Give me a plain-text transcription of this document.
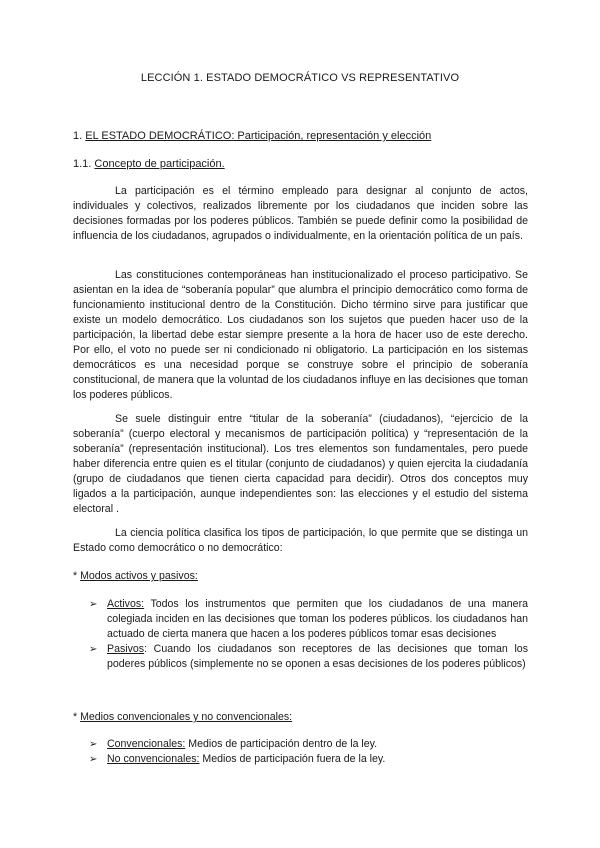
LECCIÓN 1. ESTADO DEMOCRÁTICO VS REPRESENTATIVO
1. EL ESTADO DEMOCRÁTICO: Participación, representación y elección
1.1. Concepto de participación.

La participación es el término empleado para designar al conjunto de actos, individuales y colectivos, realizados libremente por los ciudadanos que inciden sobre las decisiones formadas por los poderes públicos. También se puede definir como la posibilidad de influencia de los ciudadanos, agrupados o individualmente, en la orientación política de un país.

Las constituciones contemporáneas han institucionalizado el proceso participativo. Se asientan en la idea de “soberanía popular” que alumbra el principio democrático como forma de funcionamiento institucional dentro de la Constitución. Dicho término sirve para justificar que existe un modelo democrático. Los ciudadanos son los sujetos que pueden hacer uso de la participación, la libertad debe estar siempre presente a la hora de hacer uso de este derecho. Por ello, el voto no puede ser ni condicionado ni obligatorio. La participación en los sistemas democráticos es una necesidad porque se construye sobre el principio de soberanía constitucional, de manera que la voluntad de los ciudadanos influye en las decisiones que toman los poderes públicos.

Se suele distinguir entre “titular de la soberanía” (ciudadanos), “ejercicio de la soberanía” (cuerpo electoral y mecanismos de participación política) y “representación de la soberanía” (representación institucional). Los tres elementos son fundamentales, pero puede haber diferencia entre quien es el titular (conjunto de ciudadanos) y quien ejercita la ciudadanía (grupo de ciudadanos que tienen cierta capacidad para decidir). Otros dos conceptos muy ligados a la participación, aunque independientes son: las elecciones y el estudio del sistema electoral .

La ciencia política clasifica los tipos de participación, lo que permite que se distinga un Estado como democrático o no democrático:

* Modos activos y pasivos:
➢ Activos: Todos los instrumentos que permiten que los ciudadanos de una manera colegiada inciden en las decisiones que toman los poderes públicos. los ciudadanos han actuado de cierta manera que hacen a los poderes públicos tomar esas decisiones
➢ Pasivos: Cuando los ciudadanos son receptores de las decisiones que toman los poderes públicos (simplemente no se oponen a esas decisiones de los poderes públicos)
* Medios convencionales y no convencionales:
➢ Convencionales: Medios de participación dentro de la ley.
➢ No convencionales: Medios de participación fuera de la ley.
